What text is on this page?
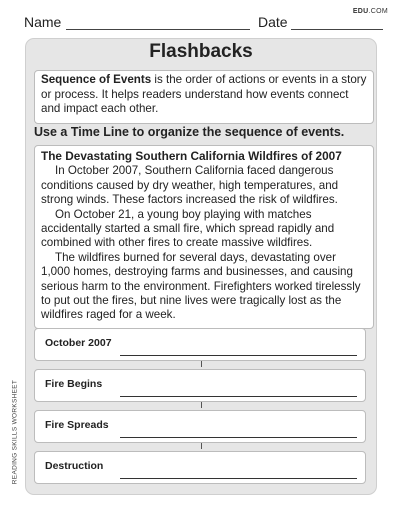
Name	Date
EDU.COM
READING SKILLS WORKSHEET
Flashbacks
Sequence of Events is the order of actions or events in a story or process. It helps readers understand how events connect and impact each other.
Use a Time Line to organize the sequence of events.
The Devastating Southern California Wildfires of 2007

In October 2007, Southern California faced dangerous conditions caused by dry weather, high temperatures, and strong winds. These factors increased the risk of wildfires.

On October 21, a young boy playing with matches accidentally started a small fire, which spread rapidly and combined with other fires to create massive wildfires.

The wildfires burned for several days, devastating over 1,000 homes, destroying farms and businesses, and causing serious harm to the environment. Firefighters worked tirelessly to put out the fires, but nine lives were tragically lost as the wildfires raged for a week.

October 2007
Fire Begins
Fire Spreads
Destruction
